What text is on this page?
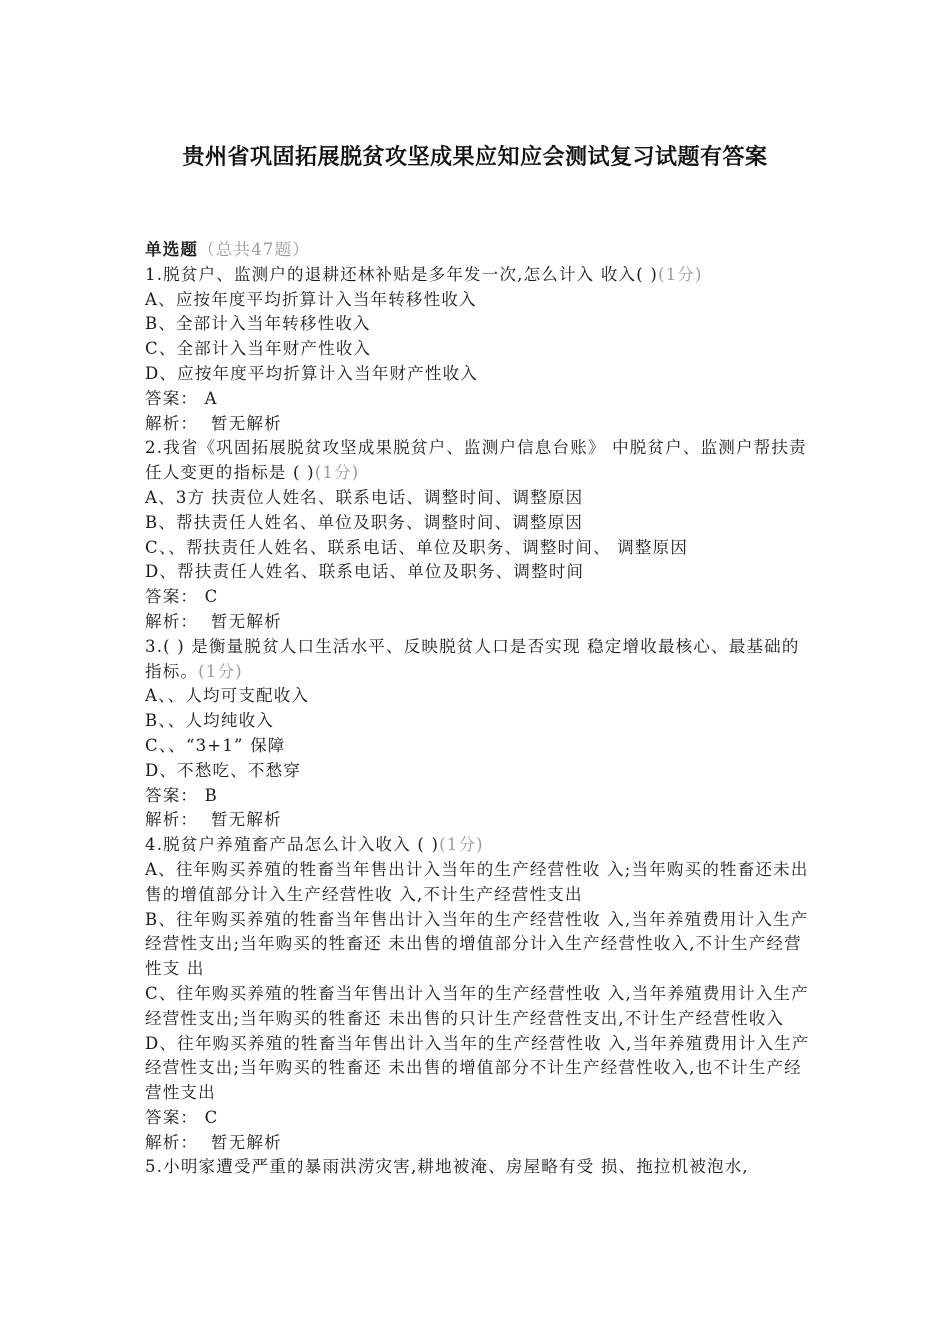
贵州省巩固拓展脱贫攻坚成果应知应会测试复习试题有答案

单选题（总共47题）

1.脱贫户、监测户的退耕还林补贴是多年发一次,怎么计入 收入( )(1分)

A、应按年度平均折算计入当年转移性收入

B、全部计入当年转移性收入

C、全部计入当年财产性收入

D、应按年度平均折算计入当年财产性收入

答案： A

解析： 暂无解析

2.我省《巩固拓展脱贫攻坚成果脱贫户、监测户信息台账》 中脱贫户、监测户帮扶责任人变更的指标是 ( )(1分)

A、3方 扶责位人姓名、联系电话、调整时间、调整原因

B、帮扶责任人姓名、单位及职务、调整时间、调整原因

C、、帮扶责任人姓名、联系电话、单位及职务、调整时间、 调整原因

D、帮扶责任人姓名、联系电话、单位及职务、调整时间

答案： C

解析： 暂无解析

3.( ) 是衡量脱贫人口生活水平、反映脱贫人口是否实现 稳定增收最核心、最基础的指标。(1分)

A、、人均可支配收入

B、、人均纯收入

C、、“3+1” 保障

D、不愁吃、不愁穿

答案： B

解析： 暂无解析

4.脱贫户养殖畜产品怎么计入收入 ( )(1分)

A、往年购买养殖的牲畜当年售出计入当年的生产经营性收 入;当年购买的牲畜还未出售的增值部分计入生产经营性收 入,不计生产经营性支出

B、往年购买养殖的牲畜当年售出计入当年的生产经营性收 入,当年养殖费用计入生产经营性支出;当年购买的牲畜还 未出售的增值部分计入生产经营性收入,不计生产经营性支 出

C、往年购买养殖的牲畜当年售出计入当年的生产经营性收 入,当年养殖费用计入生产经营性支出;当年购买的牲畜还 未出售的只计生产经营性支出,不计生产经营性收入

D、往年购买养殖的牲畜当年售出计入当年的生产经营性收 入,当年养殖费用计入生产经营性支出;当年购买的牲畜还 未出售的增值部分不计生产经营性收入,也不计生产经营性支出

答案： C

解析： 暂无解析

5.小明家遭受严重的暴雨洪涝灾害,耕地被淹、房屋略有受 损、拖拉机被泡水,
